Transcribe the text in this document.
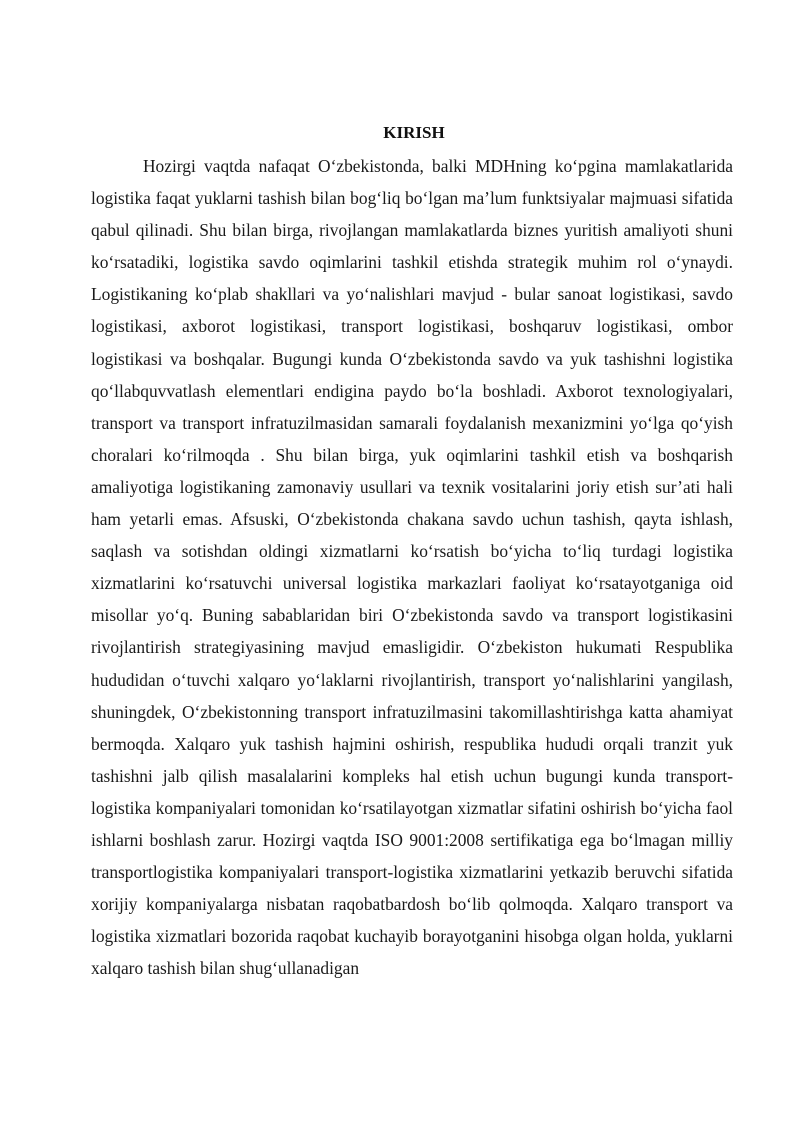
KIRISH

Hozirgi vaqtda nafaqat O‘zbekistonda, balki MDHning ko‘pgina mamlakatlarida logistika faqat yuklarni tashish bilan bog‘liq bo‘lgan ma’lum funktsiyalar majmuasi sifatida qabul qilinadi. Shu bilan birga, rivojlangan mamlakatlarda biznes yuritish amaliyoti shuni ko‘rsatadiki, logistika savdo oqimlarini tashkil etishda strategik muhim rol o‘ynaydi. Logistikaning ko‘plab shakllari va yo‘nalishlari mavjud - bular sanoat logistikasi, savdo logistikasi, axborot logistikasi, transport logistikasi, boshqaruv logistikasi, ombor logistikasi va boshqalar. Bugungi kunda O‘zbekistonda savdo va yuk tashishni logistika qo‘llabquvvatlash elementlari endigina paydo bo‘la boshladi. Axborot texnologiyalari, transport va transport infratuzilmasidan samarali foydalanish mexanizmini yo‘lga qo‘yish choralari ko‘rilmoqda . Shu bilan birga, yuk oqimlarini tashkil etish va boshqarish amaliyotiga logistikaning zamonaviy usullari va texnik vositalarini joriy etish sur’ati hali ham yetarli emas. Afsuski, O‘zbekistonda chakana savdo uchun tashish, qayta ishlash, saqlash va sotishdan oldingi xizmatlarni ko‘rsatish bo‘yicha to‘liq turdagi logistika xizmatlarini ko‘rsatuvchi universal logistika markazlari faoliyat ko‘rsatayotganiga oid misollar yo‘q. Buning sabablaridan biri O‘zbekistonda savdo va transport logistikasini rivojlantirish strategiyasining mavjud emasligidir. O‘zbekiston hukumati Respublika hududidan o‘tuvchi xalqaro yo‘laklarni rivojlantirish, transport yo‘nalishlarini yangilash, shuningdek, O‘zbekistonning transport infratuzilmasini takomillashtirishga katta ahamiyat bermoqda. Xalqaro yuk tashish hajmini oshirish, respublika hududi orqali tranzit yuk tashishni jalb qilish masalalarini kompleks hal etish uchun bugungi kunda transport-logistika kompaniyalari tomonidan ko‘rsatilayotgan xizmatlar sifatini oshirish bo‘yicha faol ishlarni boshlash zarur. Hozirgi vaqtda ISO 9001:2008 sertifikatiga ega bo‘lmagan milliy transportlogistika kompaniyalari transport-logistika xizmatlarini yetkazib beruvchi sifatida xorijiy kompaniyalarga nisbatan raqobatbardosh bo‘lib qolmoqda. Xalqaro transport va logistika xizmatlari bozorida raqobat kuchayib borayotganini hisobga olgan holda, yuklarni xalqaro tashish bilan shug‘ullanadigan
